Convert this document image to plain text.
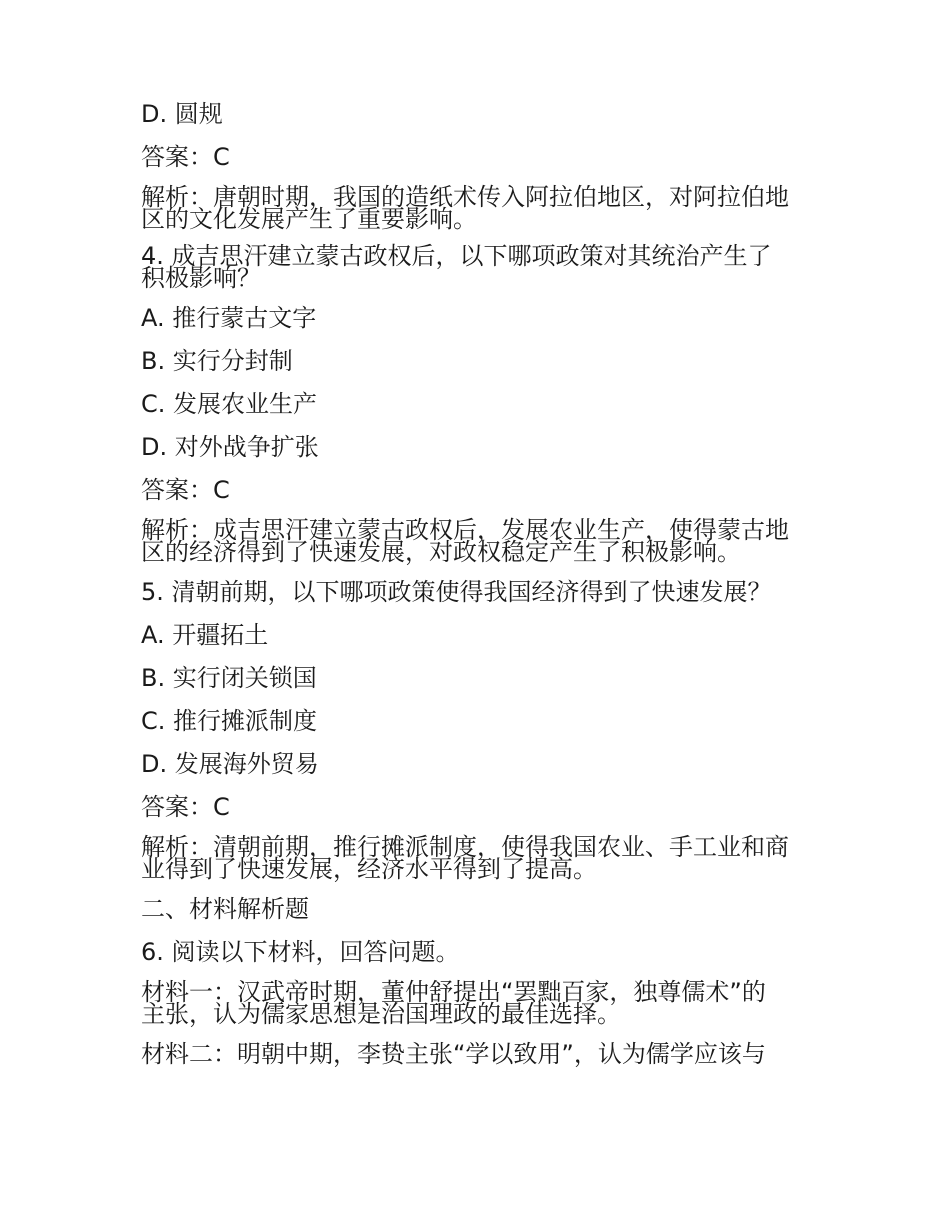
D. 圆规
答案：C
解析：唐朝时期，我国的造纸术传入阿拉伯地区，对阿拉伯地
区的文化发展产生了重要影响。
4. 成吉思汗建立蒙古政权后，以下哪项政策对其统治产生了
积极影响？
A. 推行蒙古文字
B. 实行分封制
C. 发展农业生产
D. 对外战争扩张
答案：C
解析：成吉思汗建立蒙古政权后，发展农业生产，使得蒙古地
区的经济得到了快速发展，对政权稳定产生了积极影响。
5. 清朝前期，以下哪项政策使得我国经济得到了快速发展？
A. 开疆拓土
B. 实行闭关锁国
C. 推行摊派制度
D. 发展海外贸易
答案：C
解析：清朝前期，推行摊派制度，使得我国农业、手工业和商
业得到了快速发展，经济水平得到了提高。
二、材料解析题
6. 阅读以下材料，回答问题。
材料一：汉武帝时期，董仲舒提出“罢黜百家，独尊儒术”的
主张，认为儒家思想是治国理政的最佳选择。
材料二：明朝中期，李贽主张“学以致用”，认为儒学应该与
